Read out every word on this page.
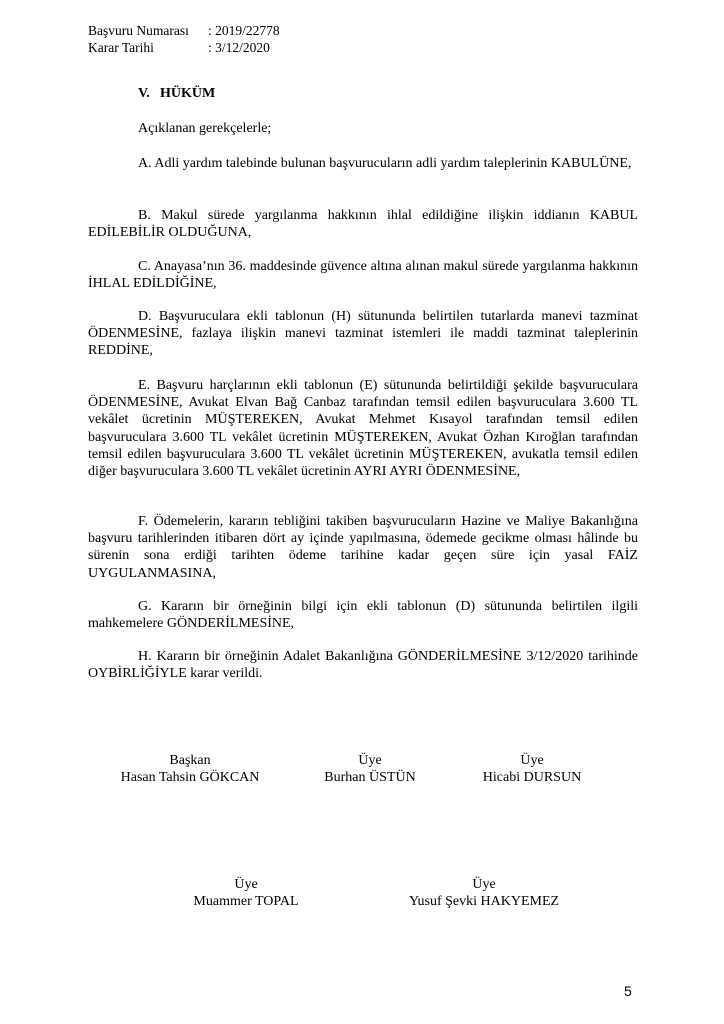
Başvuru Numarası : 2019/22778
Karar Tarihi	: 3/12/2020
V. HÜKÜM
Açıklanan gerekçelerle;

A. Adli yardım talebinde bulunan başvurucuların adli yardım taleplerinin KABULÜNE,

B. Makul sürede yargılanma hakkının ihlal edildiğine ilişkin iddianın KABUL EDİLEBİLİR OLDUĞUNA,

C. Anayasa’nın 36. maddesinde güvence altına alınan makul sürede yargılanma hakkının İHLAL EDİLDİĞİNE,

D. Başvuruculara ekli tablonun (H) sütununda belirtilen tutarlarda manevi tazminat ÖDENMESİNE, fazlaya ilişkin manevi tazminat istemleri ile maddi tazminat taleplerinin REDDİNE,

E. Başvuru harçlarının ekli tablonun (E) sütununda belirtildiği şekilde başvuruculara ÖDENMESİNE, Avukat Elvan Bağ Canbaz tarafından temsil edilen başvuruculara 3.600 TL vekâlet ücretinin MÜŞTEREKEN, Avukat Mehmet Kısayol tarafından temsil edilen başvuruculara 3.600 TL vekâlet ücretinin MÜŞTEREKEN, Avukat Özhan Kıroğlan tarafından temsil edilen başvuruculara 3.600 TL vekâlet ücretinin MÜŞTEREKEN, avukatla temsil edilen diğer başvuruculara 3.600 TL vekâlet ücretinin AYRI AYRI ÖDENMESİNE,

F. Ödemelerin, kararın tebliğini takiben başvurucuların Hazine ve Maliye Bakanlığına başvuru tarihlerinden itibaren dört ay içinde yapılmasına, ödemede gecikme olması hâlinde bu sürenin sona erdiği tarihten ödeme tarihine kadar geçen süre için yasal FAİZ UYGULANMASINA,

G. Kararın bir örneğinin bilgi için ekli tablonun (D) sütununda belirtilen ilgili mahkemelere GÖNDERİLMESİNE,

H. Kararın bir örneğinin Adalet Bakanlığına GÖNDERİLMESİNE 3/12/2020 tarihinde OYBİRLİĞİYLE karar verildi.

Başkan
Hasan Tahsin GÖKCAN
Üye
Burhan ÜSTÜN
Üye
Hicabi DURSUN
Üye
Muammer TOPAL
Üye
Yusuf Şevki HAKYEMEZ
5
